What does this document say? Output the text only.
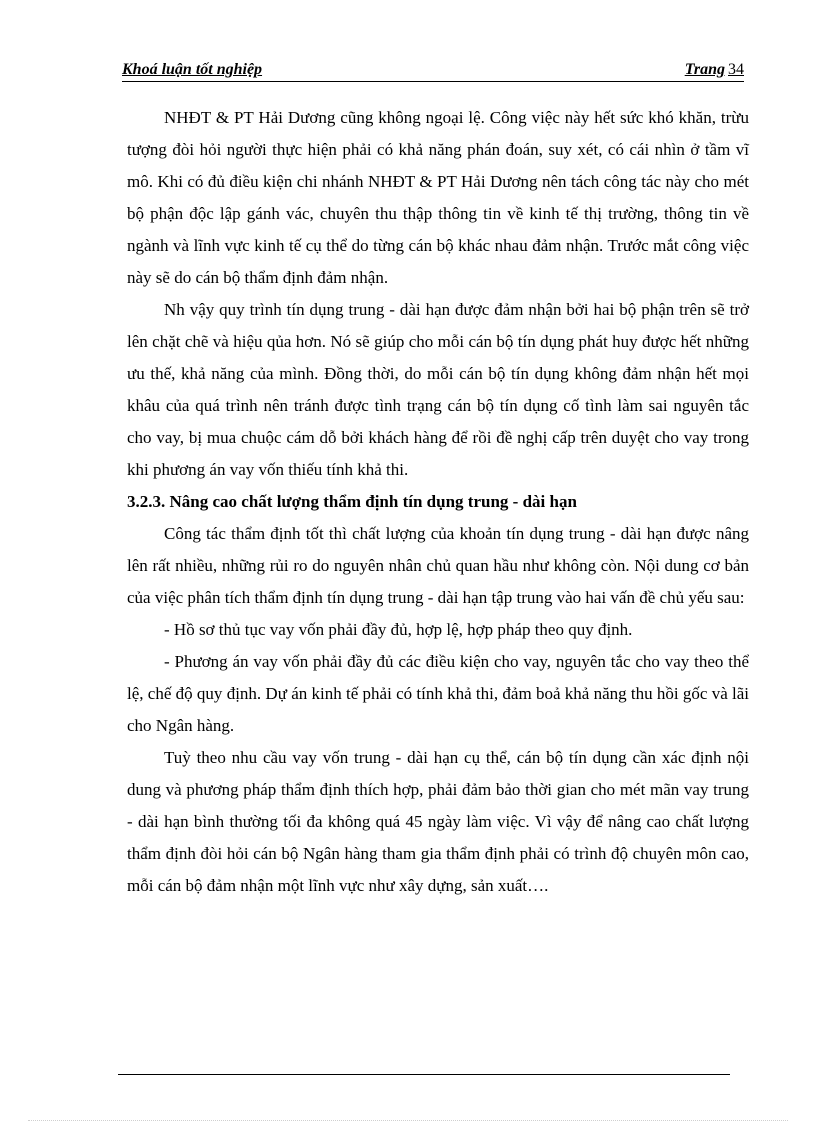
Khoá luận tốt nghiệp	Trang 34

NHĐT & PT Hải Dương cũng không ngoại lệ. Công việc này hết sức khó khăn, trừu tượng đòi hỏi người thực hiện phải có khả năng phán đoán, suy xét, có cái nhìn ở tầm vĩ mô. Khi có đủ điều kiện chi nhánh NHĐT & PT Hải Dương nên tách công tác này cho mét bộ phận độc lập gánh vác, chuyên thu thập thông tin về kinh tế thị trường, thông tin về ngành và lĩnh vực kinh tế cụ thể do từng cán bộ khác nhau đảm nhận. Trước mắt công việc này sẽ do cán bộ thẩm định đảm nhận.

Nh vậy quy trình tín dụng trung - dài hạn được đảm nhận bởi hai bộ phận trên sẽ trở lên chặt chẽ và hiệu qủa hơn. Nó sẽ giúp cho mỗi cán bộ tín dụng phát huy được hết những ưu thế, khả năng của mình. Đồng thời, do mỗi cán bộ tín dụng không đảm nhận hết mọi khâu của quá trình nên tránh được tình trạng cán bộ tín dụng cố tình làm sai nguyên tắc cho vay, bị mua chuộc cám dỗ bởi khách hàng để rồi đề nghị cấp trên duyệt cho vay trong khi phương án vay vốn thiếu tính khả thi.

3.2.3. Nâng cao chất lượng thẩm định tín dụng trung - dài hạn

Công tác thẩm định tốt thì chất lượng của khoản tín dụng trung - dài hạn được nâng lên rất nhiều, những rủi ro do nguyên nhân chủ quan hầu như không còn. Nội dung cơ bản của việc phân tích thẩm định tín dụng trung - dài hạn tập trung vào hai vấn đề chủ yếu sau:

- Hồ sơ thủ tục vay vốn phải đầy đủ, hợp lệ, hợp pháp theo quy định.

- Phương án vay vốn phải đầy đủ các điều kiện cho vay, nguyên tắc cho vay theo thể lệ, chế độ quy định. Dự án kinh tế phải có tính khả thi, đảm boả khả năng thu hồi gốc và lãi cho Ngân hàng.

Tuỳ theo nhu cầu vay vốn trung - dài hạn cụ thể, cán bộ tín dụng cần xác định nội dung và phương pháp thẩm định thích hợp, phải đảm bảo thời gian cho mét mãn vay trung - dài hạn bình thường tối đa không quá 45 ngày làm việc. Vì vậy để nâng cao chất lượng thẩm định đòi hỏi cán bộ Ngân hàng tham gia thẩm định phải có trình độ chuyên môn cao, mỗi cán bộ đảm nhận một lĩnh vực như xây dựng, sản xuất….
